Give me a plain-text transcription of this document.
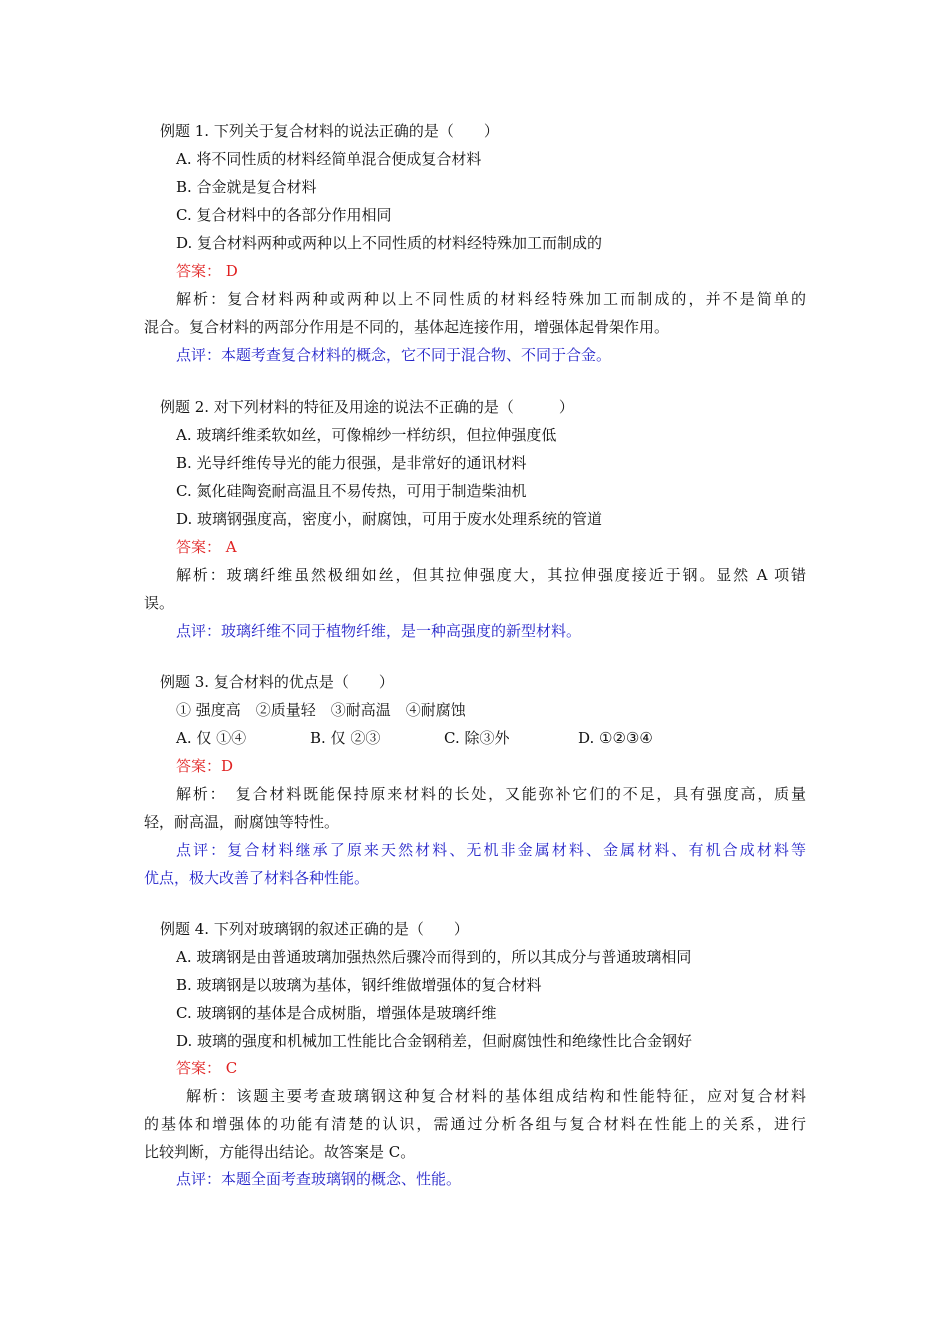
例题 1. 下列关于复合材料的说法正确的是（　　）
A. 将不同性质的材料经简单混合便成复合材料
B. 合金就是复合材料
C. 复合材料中的各部分作用相同
D. 复合材料两种或两种以上不同性质的材料经特殊加工而制成的
答案： D
解析：复合材料两种或两种以上不同性质的材料经特殊加工而制成的，并不是简单的
混合。复合材料的两部分作用是不同的，基体起连接作用，增强体起骨架作用。
点评：本题考查复合材料的概念，它不同于混合物、不同于合金。
例题 2. 对下列材料的特征及用途的说法不正确的是（　　　）
A. 玻璃纤维柔软如丝，可像棉纱一样纺织，但拉伸强度低
B. 光导纤维传导光的能力很强，是非常好的通讯材料
C. 氮化硅陶瓷耐高温且不易传热，可用于制造柴油机
D. 玻璃钢强度高，密度小，耐腐蚀，可用于废水处理系统的管道
答案： A
解析：玻璃纤维虽然极细如丝，但其拉伸强度大，其拉伸强度接近于钢。显然 A 项错
误。
点评：玻璃纤维不同于植物纤维，是一种高强度的新型材料。
例题 3. 复合材料的优点是（　　）
① 强度高　②质量轻　③耐高温　④耐腐蚀
A. 仅 ①④	B. 仅 ②③	C. 除③外	D. ①②③④
答案：D
解析：　复合材料既能保持原来材料的长处，又能弥补它们的不足，具有强度高，质量
轻，耐高温，耐腐蚀等特性。
点评：复合材料继承了原来天然材料、无机非金属材料、金属材料、有机合成材料等
优点，极大改善了材料各种性能。
例题 4. 下列对玻璃钢的叙述正确的是（　　）
A. 玻璃钢是由普通玻璃加强热然后骤冷而得到的，所以其成分与普通玻璃相同
B. 玻璃钢是以玻璃为基体，钢纤维做增强体的复合材料
C. 玻璃钢的基体是合成树脂，增强体是玻璃纤维
D. 玻璃的强度和机械加工性能比合金钢稍差，但耐腐蚀性和绝缘性比合金钢好
答案： C
解析：该题主要考查玻璃钢这种复合材料的基体组成结构和性能特征，应对复合材料
的基体和增强体的功能有清楚的认识，需通过分析各组与复合材料在性能上的关系，进行
比较判断，方能得出结论。故答案是 C。
点评：本题全面考查玻璃钢的概念、性能。
